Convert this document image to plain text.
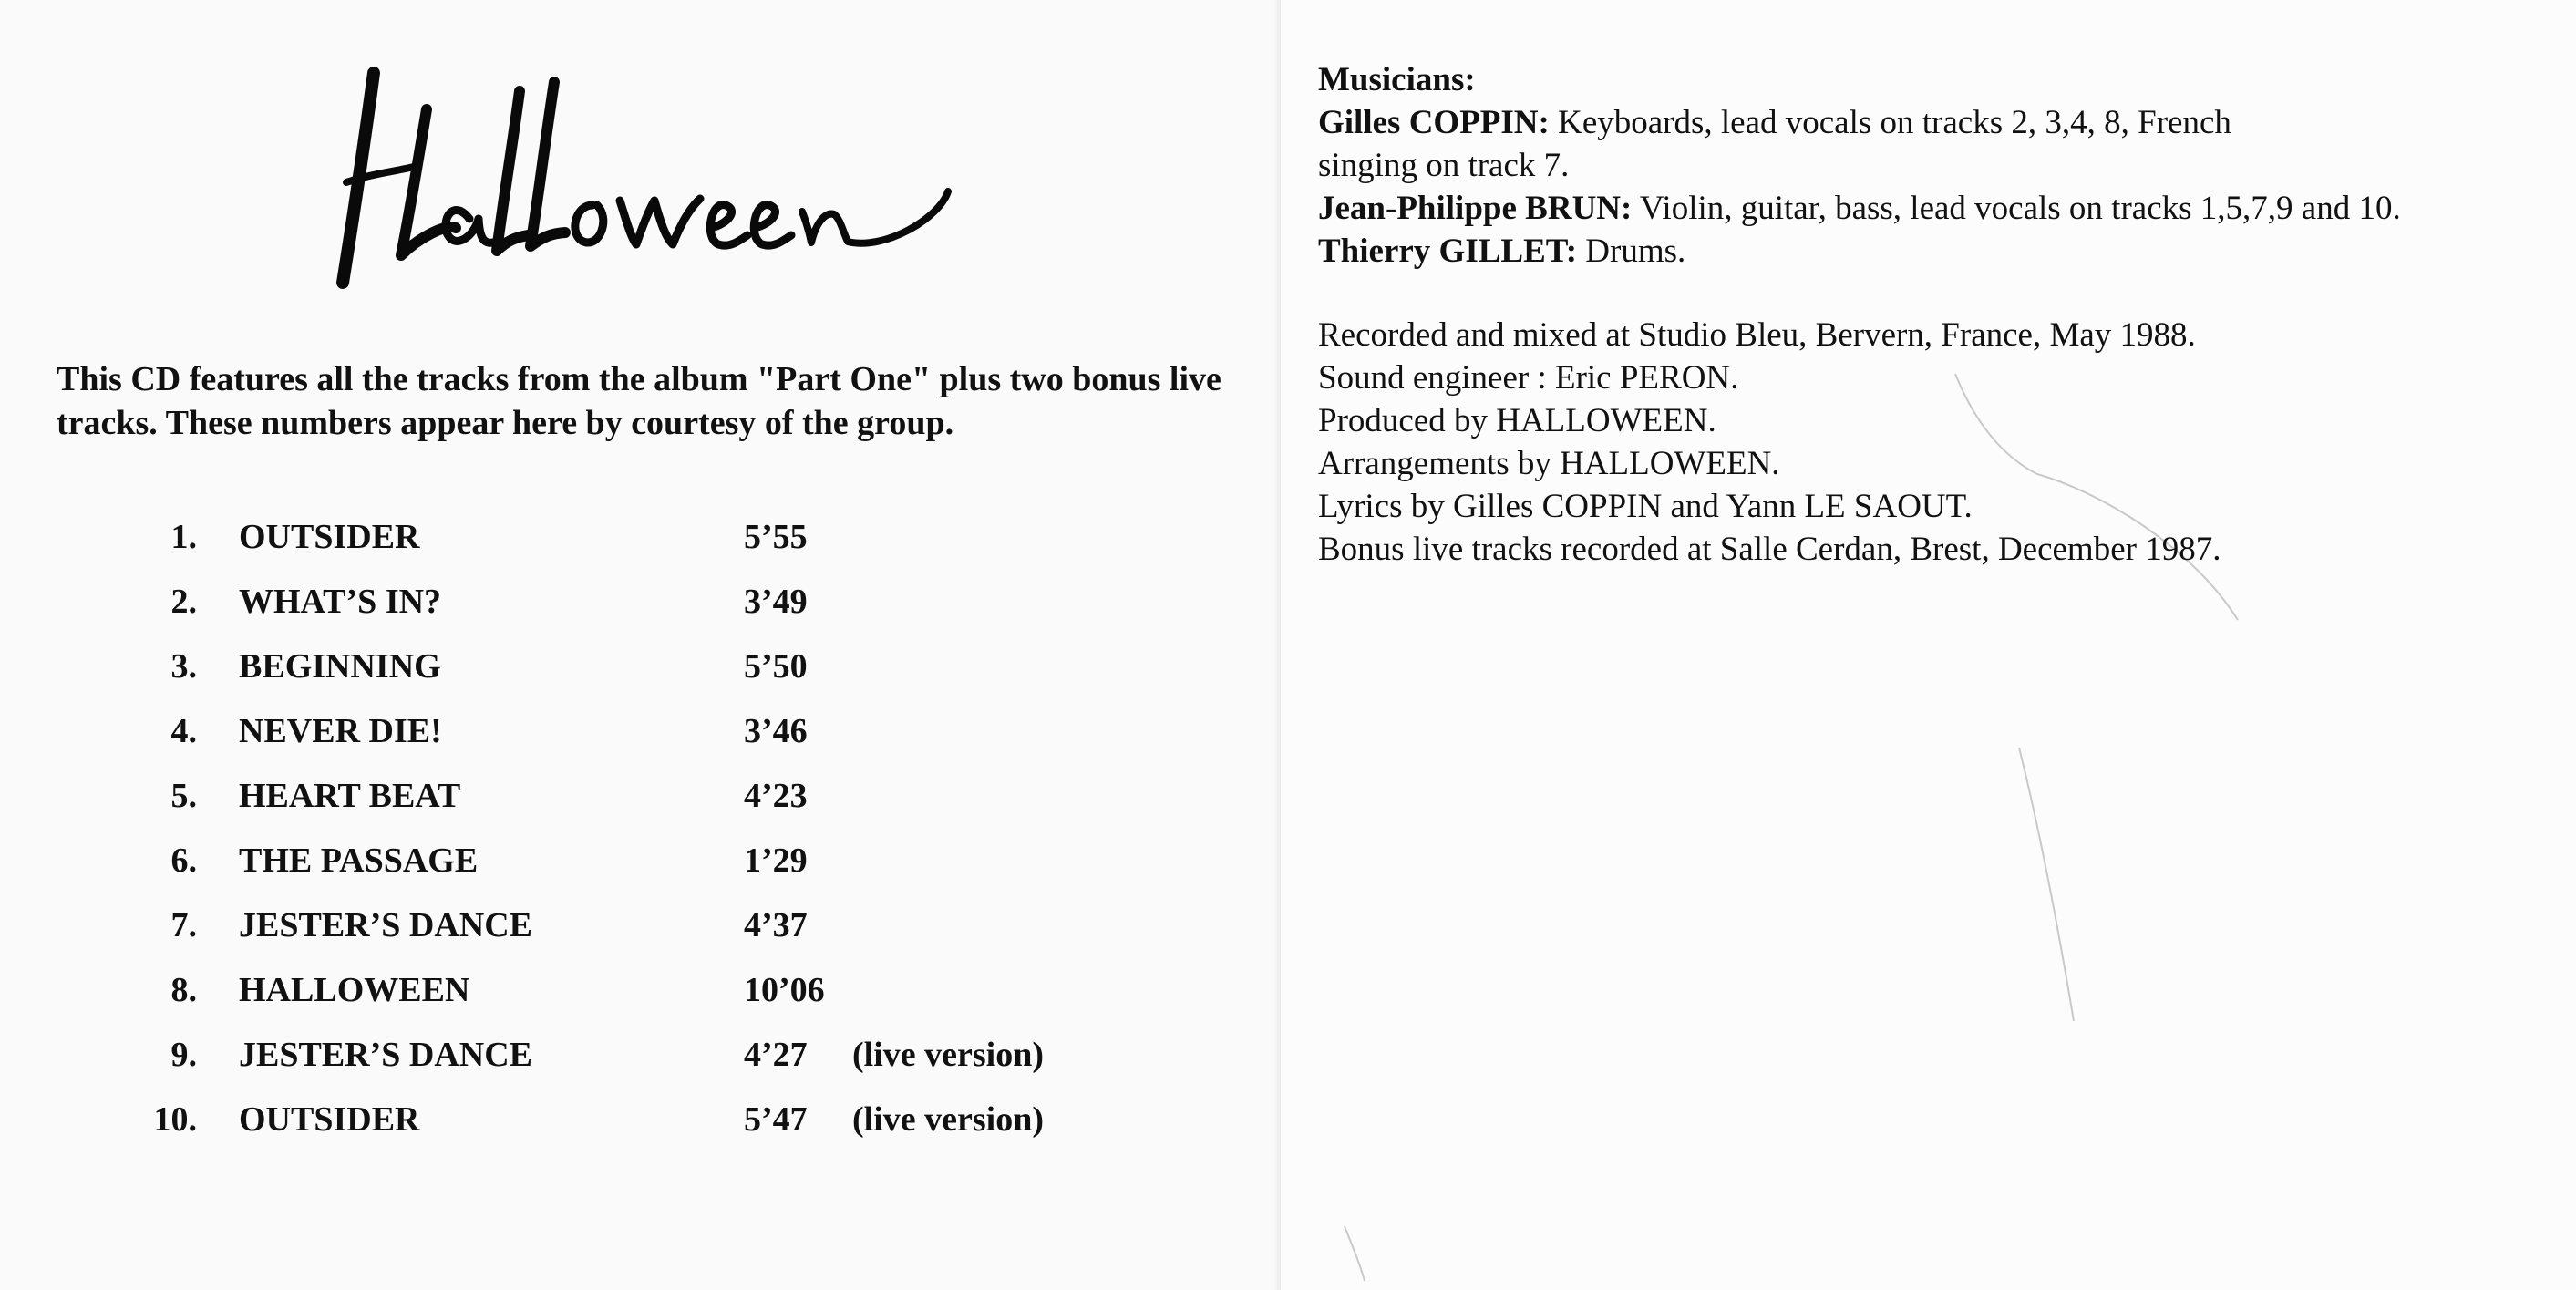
This CD features all the tracks from the album "Part One" plus two bonus live tracks. These numbers appear here by courtesy of the group.

1. OUTSIDER	5’55
2. WHAT’S IN?	3’49
3. BEGINNING	5’50
4. NEVER DIE!	3’46
5. HEART BEAT	4’23
6. THE PASSAGE	1’29
7. JESTER’S DANCE	4’37
8. HALLOWEEN	10’06
9. JESTER’S DANCE	4’27 (live version)
10. OUTSIDER	5’47 (live version)

Musicians:

Gilles COPPIN: Keyboards, lead vocals on tracks 2, 3,4, 8, French

singing on track 7.

Jean-Philippe BRUN: Violin, guitar, bass, lead vocals on tracks 1,5,7,9 and 10.

Thierry GILLET: Drums.

Recorded and mixed at Studio Bleu, Bervern, France, May 1988.

Sound engineer : Eric PERON.

Produced by HALLOWEEN.

Arrangements by HALLOWEEN.

Lyrics by Gilles COPPIN and Yann LE SAOUT.

Bonus live tracks recorded at Salle Cerdan, Brest, December 1987.
